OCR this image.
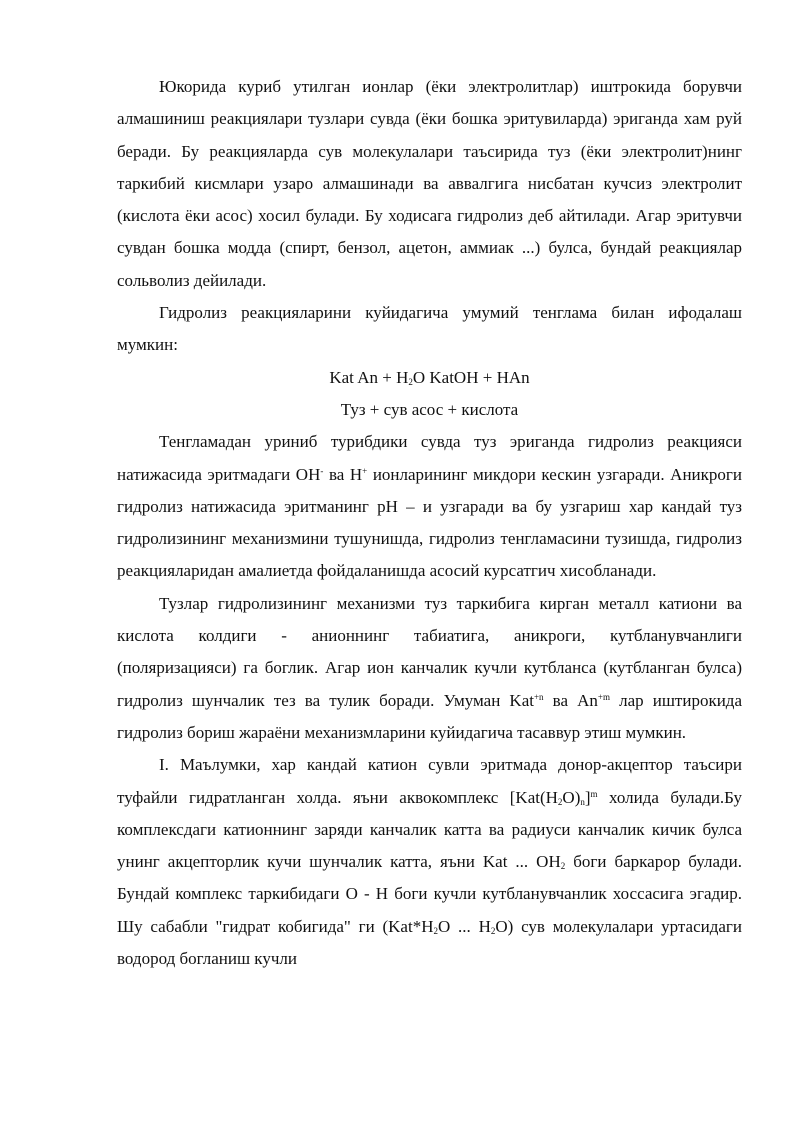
Юкорида куриб утилган ионлар (ёки электролитлар) иштрокида борувчи алмашиниш реакциялари тузлари сувда (ёки бошка эритувиларда) эриганда хам руй беради. Бу реакцияларда сув молекулалари таъсирида туз (ёки электролит)нинг таркибий кисмлари узаро алмашинади ва аввалгига нисбатан кучсиз электролит (кислота ёки асос) хосил булади. Бу ходисага гидролиз деб айтилади. Агар эритувчи сувдан бошка модда (спирт, бензол, ацетон, аммиак ...) булса, бундай реакциялар сольволиз дейилади.

Гидролиз реакцияларини куйидагича умумий тенглама билан ифодалаш мумкин:

Kat $An + H_2O$ KatOH + HAn

Туз + сув асос + кислота

Тенгламадан уриниб турибдики сувда туз эриганда гидролиз реакцияси натижасида эритмадаги OH- ва H+ ионларининг микдори кескин узгаради. Аникроги гидролиз натижасида эритманинг pH – и узгаради ва бу узгариш хар кандай туз гидролизининг механизмини тушунишда, гидролиз тенгламасини тузишда, гидролиз реакцияларидан амалиетда фойдаланишда асосий курсатгич хисобланади.

Тузлар гидролизининг механизми туз таркибига кирган металл катиони ва кислота колдиги - анионнинг табиатига, аникроги, кутбланувчанлиги (поляризацияси) га боглик. Агар ион канчалик кучли кутбланса (кутбланган булса) гидролиз шунчалик тез ва тулик боради. Умуман Kat$^{+n}$ ва $An^{+m}$ лар иштирокида гидролиз бориш жараёни механизмларини куйидагича тасаввур этиш мумкин.

I. Маълумки, хар кандай катион сувли эритмада донор-акцептор таъсири туфайли гидратланган холда. яъни аквокомплекс $[Kat(H_2O)_n]^m$ холида булади.Бу комплексдаги катионнинг заряди канчалик катта ва радиуси канчалик кичик булса унинг акцепторлик кучи шунчалик катта, яъни Kat ... $OH_2$ боги баркарор булади. Бундай комплекс таркибидаги O - H боги кучли кутбланувчанлик хоссасига эгадир. Шу сабабли "гидрат кобигида" ги ($Kat*H_2O$ ... $H_2O$) сув молекулалари уртасидаги водород богланиш кучли
